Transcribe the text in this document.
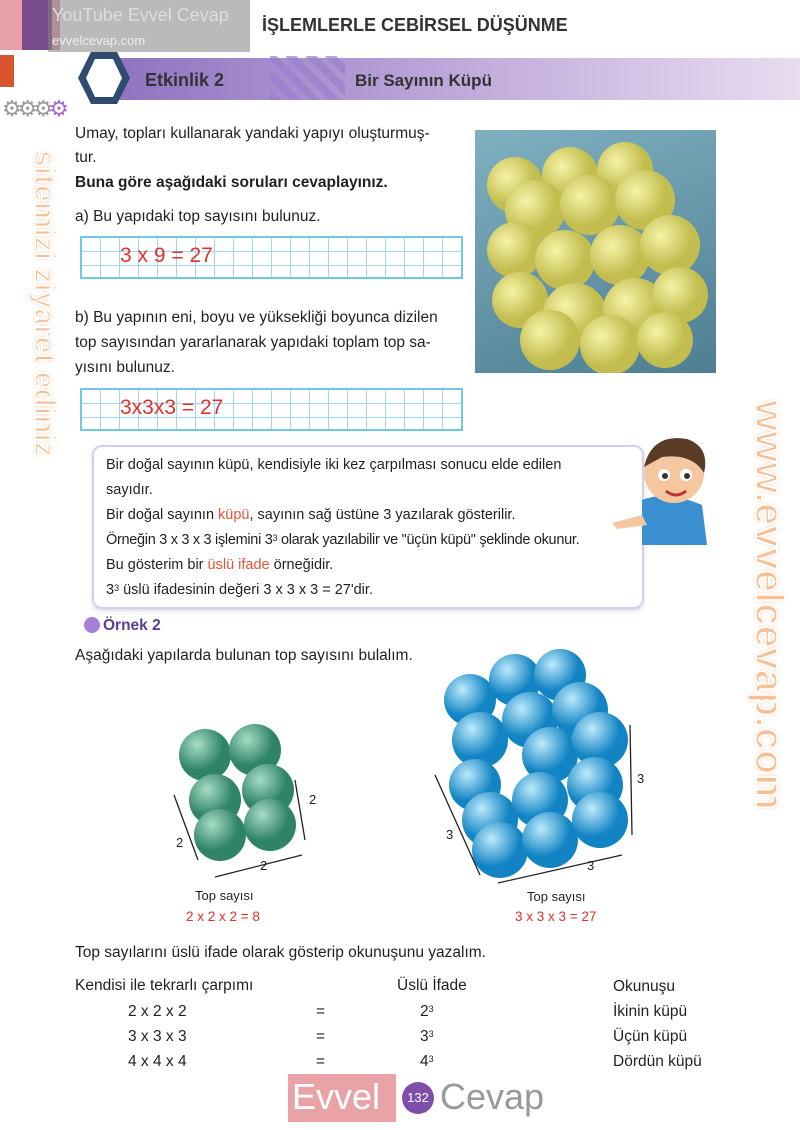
YouTube Evvel Cevap
evvelcevap.com
İŞLEMLERLE CEBİRSEL DÜŞÜNME
Etkinlik 2	Bir Sayının Küpü
⚙⚙⚙⚙
Umay, topları kullanarak yandaki yapıyı oluşturmuş-
tur.
Buna göre aşağıdaki soruları cevaplayınız.
a) Bu yapıdaki top sayısını bulunuz.
3 x 9 = 27
b) Bu yapının eni, boyu ve yüksekliği boyunca dizilen
top sayısından yararlanarak yapıdaki toplam top sa-
yısını bulunuz.
3x3x3 = 27
Bir doğal sayının küpü, kendisiyle iki kez çarpılması sonucu elde edilen
sayıdır.
Bir doğal sayının küpü, sayının sağ üstüne 3 yazılarak gösterilir.
Örneğin 3 x 3 x 3 işlemini $3^3$ olarak yazılabilir ve "üçün küpü" şeklinde okunur.
Bu gösterim bir üslü ifade örneğidir.
$3^3$ üslü ifadesinin değeri 3 x 3 x 3 = 27'dir.
Örnek 2
Aşağıdaki yapılarda bulunan top sayısını bulalım.
2
2
2
Top sayısı
2 x 2 x 2 = 8
3
3
3
Top sayısı
3 x 3 x 3 = 27
Top sayılarını üslü ifade olarak gösterip okunuşunu yazalım.
Kendisi ile tekrarlı çarpımı	Üslü İfade	Okunuşu
2 x 2 x 2	=	$2^3$	İkinin küpü
3 x 3 x 3	=	$3^3$	Üçün küpü
4 x 4 x 4	=	$4^3$	Dördün küpü
Evvel	132 Cevap
www.evvelcevap.com
sitemizi ziyaret ediniz
